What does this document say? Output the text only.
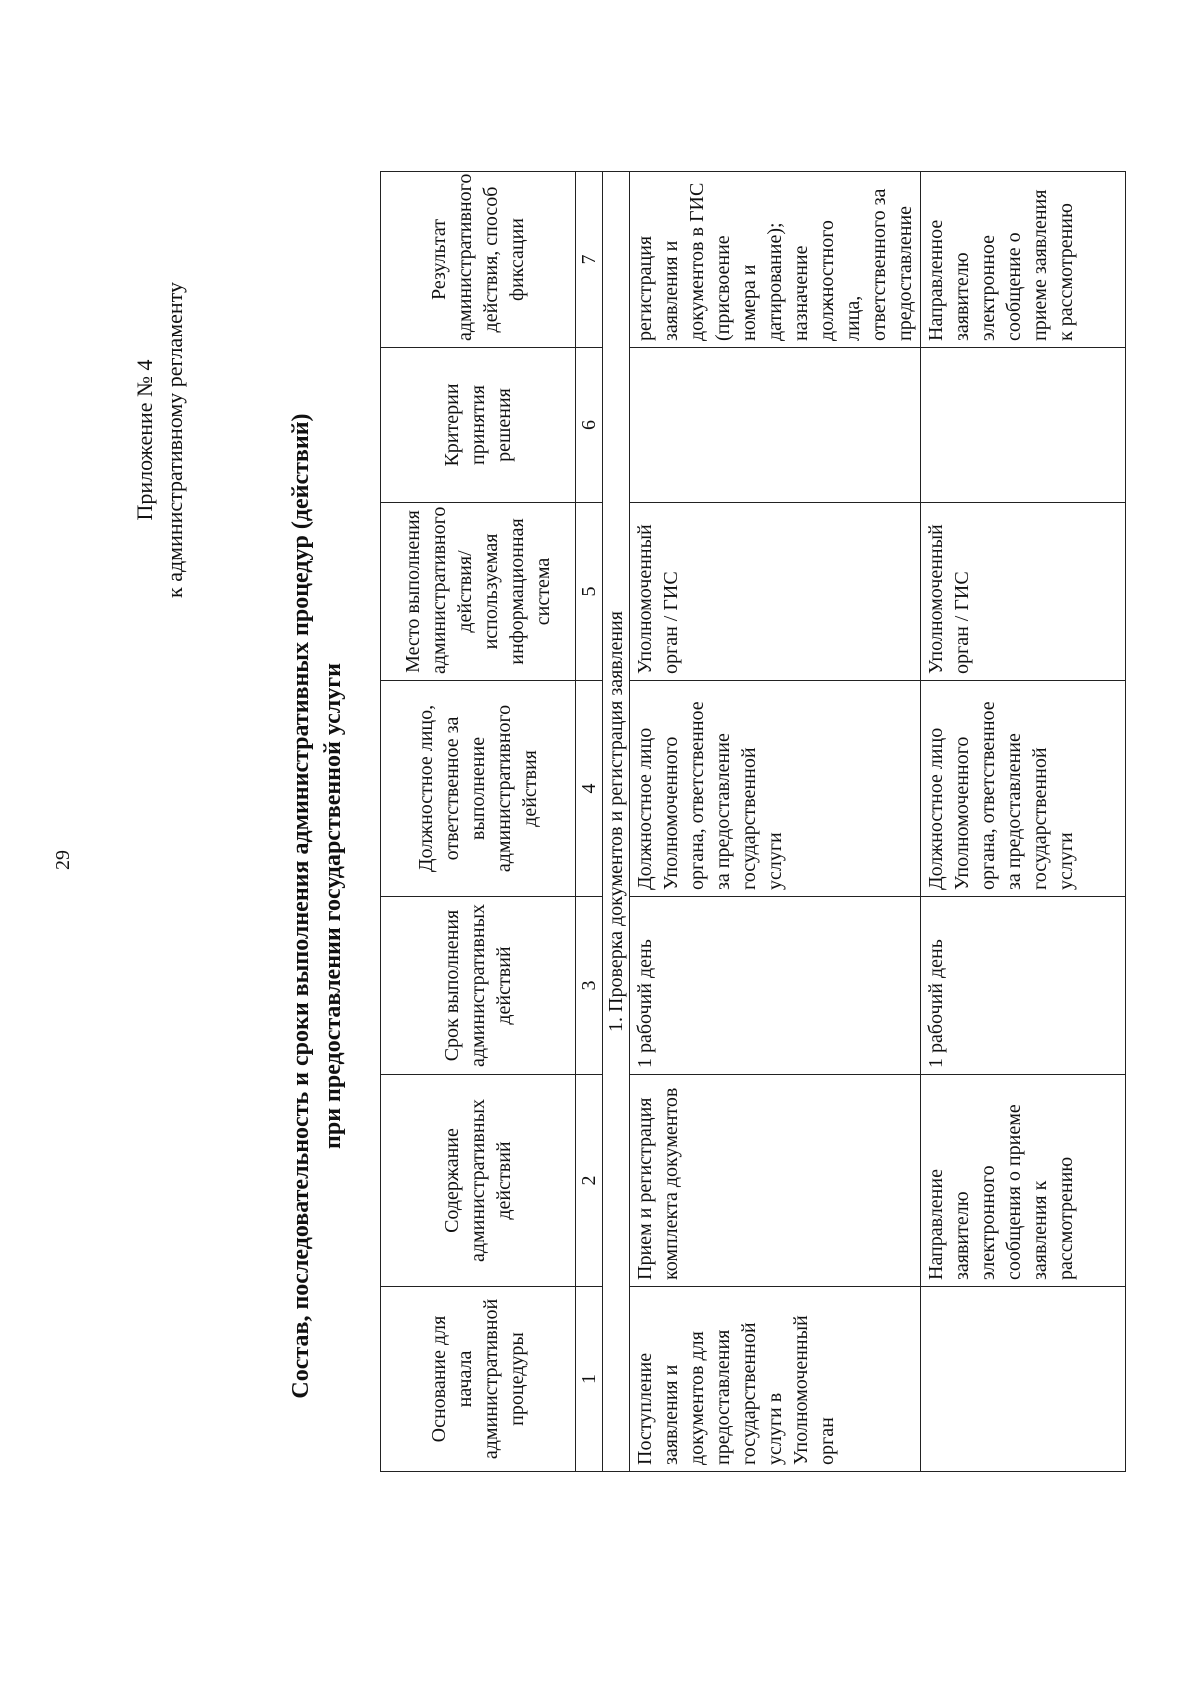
29
Приложение № 4 к административному регламенту	Состав, последовательность и сроки выполнения административных процедур (действий) при предоставлении государственной услуги
Основание для начала административной процедуры	Содержание административных действий	Срок выполнения административных действий	Должностное лицо, ответственное за выполнение административного действия	Место выполнения административного действия/ используемая информационная система	Критерии принятия решения	Результат административного действия, способ фиксации
1	2	3	4	5	6	7
1. Проверка документов и регистрация заявления						
Поступление заявления и документов для предоставления государственной услуги в Уполномоченный орган	Прием и регистрация комплекта документов	1 рабочий день	Должностное лицо Уполномоченного органа, ответственное за предоставление государственной услуги	Уполномоченный орган / ГИС		регистрация заявления и документов в ГИС (присвоение номера и датирование); назначение должностного лица, ответственного за предоставление
	Направление заявителю электронного сообщения о приеме заявления к рассмотрению	1 рабочий день	Должностное лицо Уполномоченного органа, ответственное за предоставление государственной услуги	Уполномоченный орган / ГИС		Направленное заявителю электронное сообщение о приеме заявления к рассмотрению
